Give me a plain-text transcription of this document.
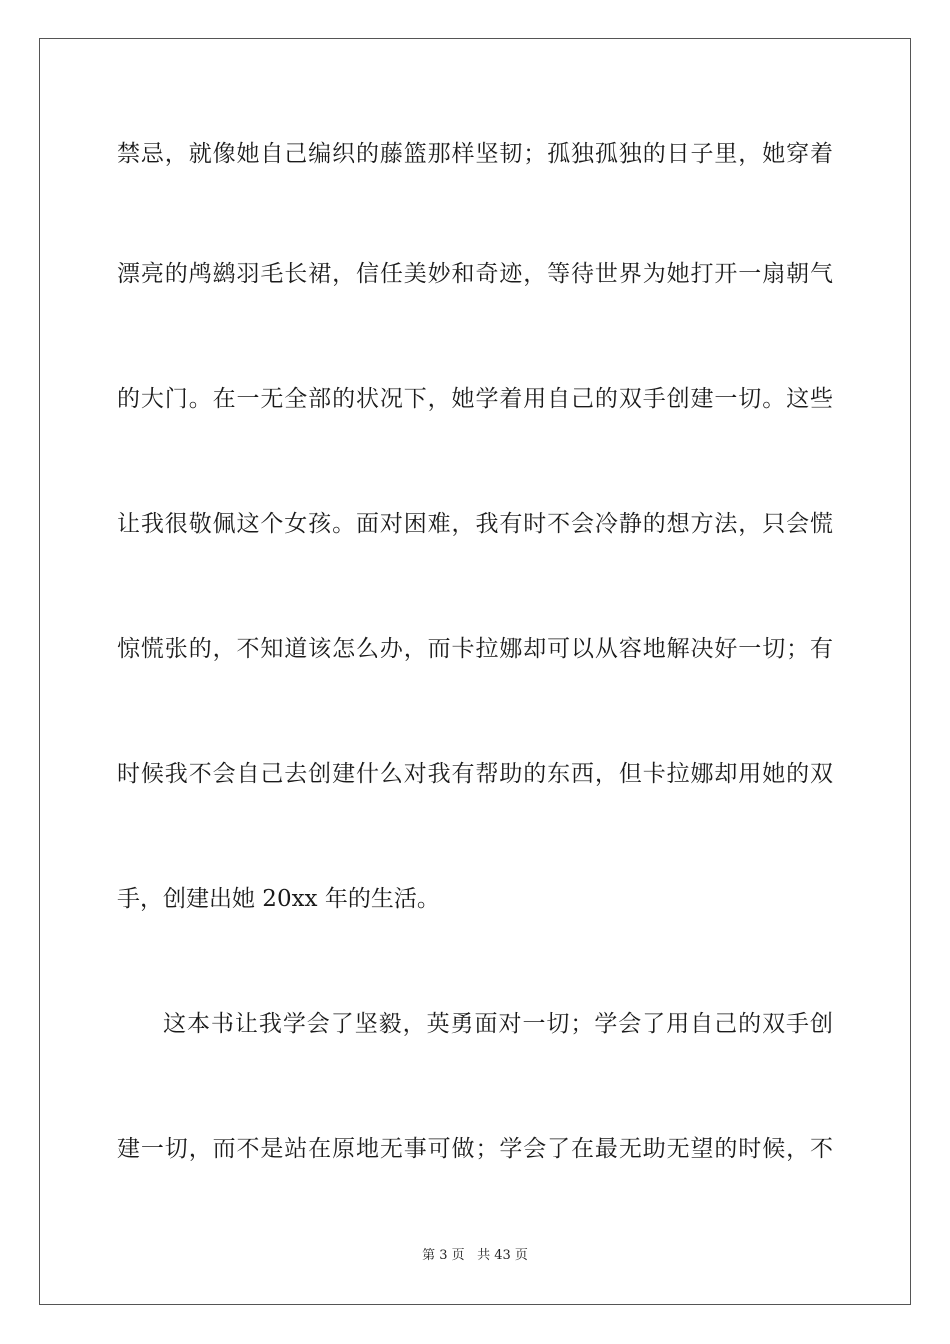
禁忌，就像她自己编织的藤篮那样坚韧；孤独孤独的日子里，她穿着
漂亮的鸬鹚羽毛长裙，信任美妙和奇迹，等待世界为她打开一扇朝气
的大门。在一无全部的状况下，她学着用自己的双手创建一切。这些
让我很敬佩这个女孩。面对困难，我有时不会冷静的想方法，只会慌
惊慌张的，不知道该怎么办，而卡拉娜却可以从容地解决好一切；有
时候我不会自己去创建什么对我有帮助的东西，但卡拉娜却用她的双
手，创建出她 20xx 年的生活。
这本书让我学会了坚毅，英勇面对一切；学会了用自己的双手创
建一切，而不是站在原地无事可做；学会了在最无助无望的时候，不
第 3 页 共 43 页
